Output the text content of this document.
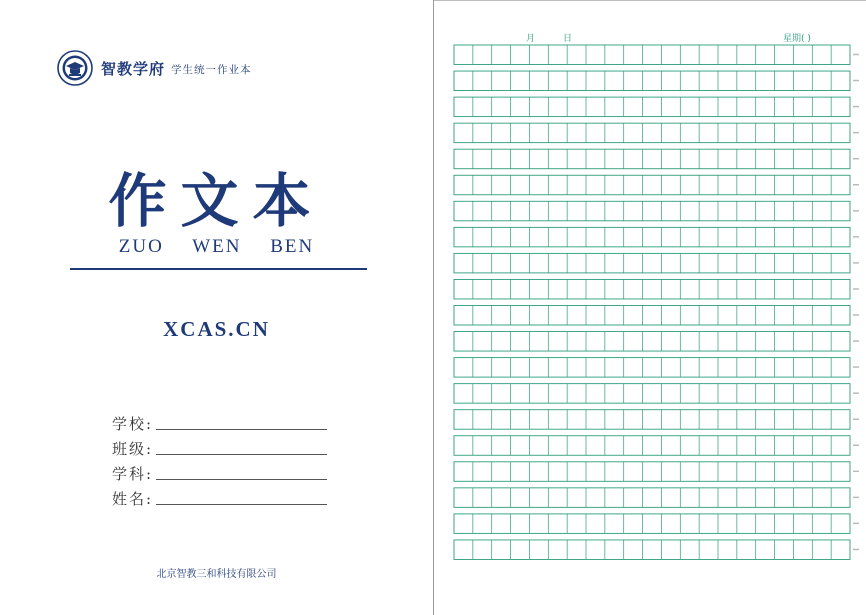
智教学府 学生统一作业本
作文本
ZUO WEN BEN
XCAS.CN
学校:
班级:
学科:
姓名:
北京智教三和科技有限公司
月	日	星期( )
